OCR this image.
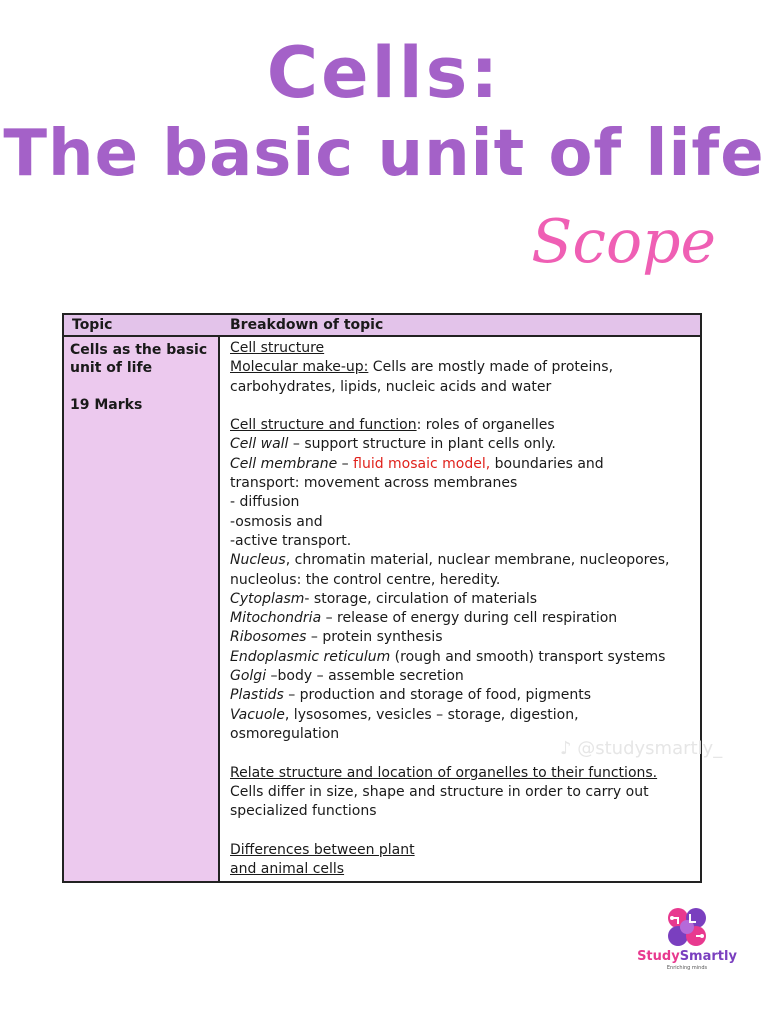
Cells:
The basic unit of life
Scope
Topic	Breakdown of topic
Cells as the basic unit of life
19 Marks
Cell structure
Molecular make-up: Cells are mostly made of proteins,
carbohydrates, lipids, nucleic acids and water
Cell structure and function: roles of organelles
Cell wall – support structure in plant cells only.
Cell membrane – fluid mosaic model, boundaries and
transport: movement across membranes
- diffusion
-osmosis and
-active transport.
Nucleus, chromatin material, nuclear membrane, nucleopores,
nucleolus: the control centre, heredity.
Cytoplasm- storage, circulation of materials
Mitochondria – release of energy during cell respiration
Ribosomes – protein synthesis
Endoplasmic reticulum (rough and smooth) transport systems
Golgi –body – assemble secretion
Plastids – production and storage of food, pigments
Vacuole, lysosomes, vesicles – storage, digestion,
osmoregulation
Relate structure and location of organelles to their functions.
Cells differ in size, shape and structure in order to carry out
specialized functions
Differences between plant
and animal cells
♪ @studysmartly_
StudySmartly
Enriching minds
